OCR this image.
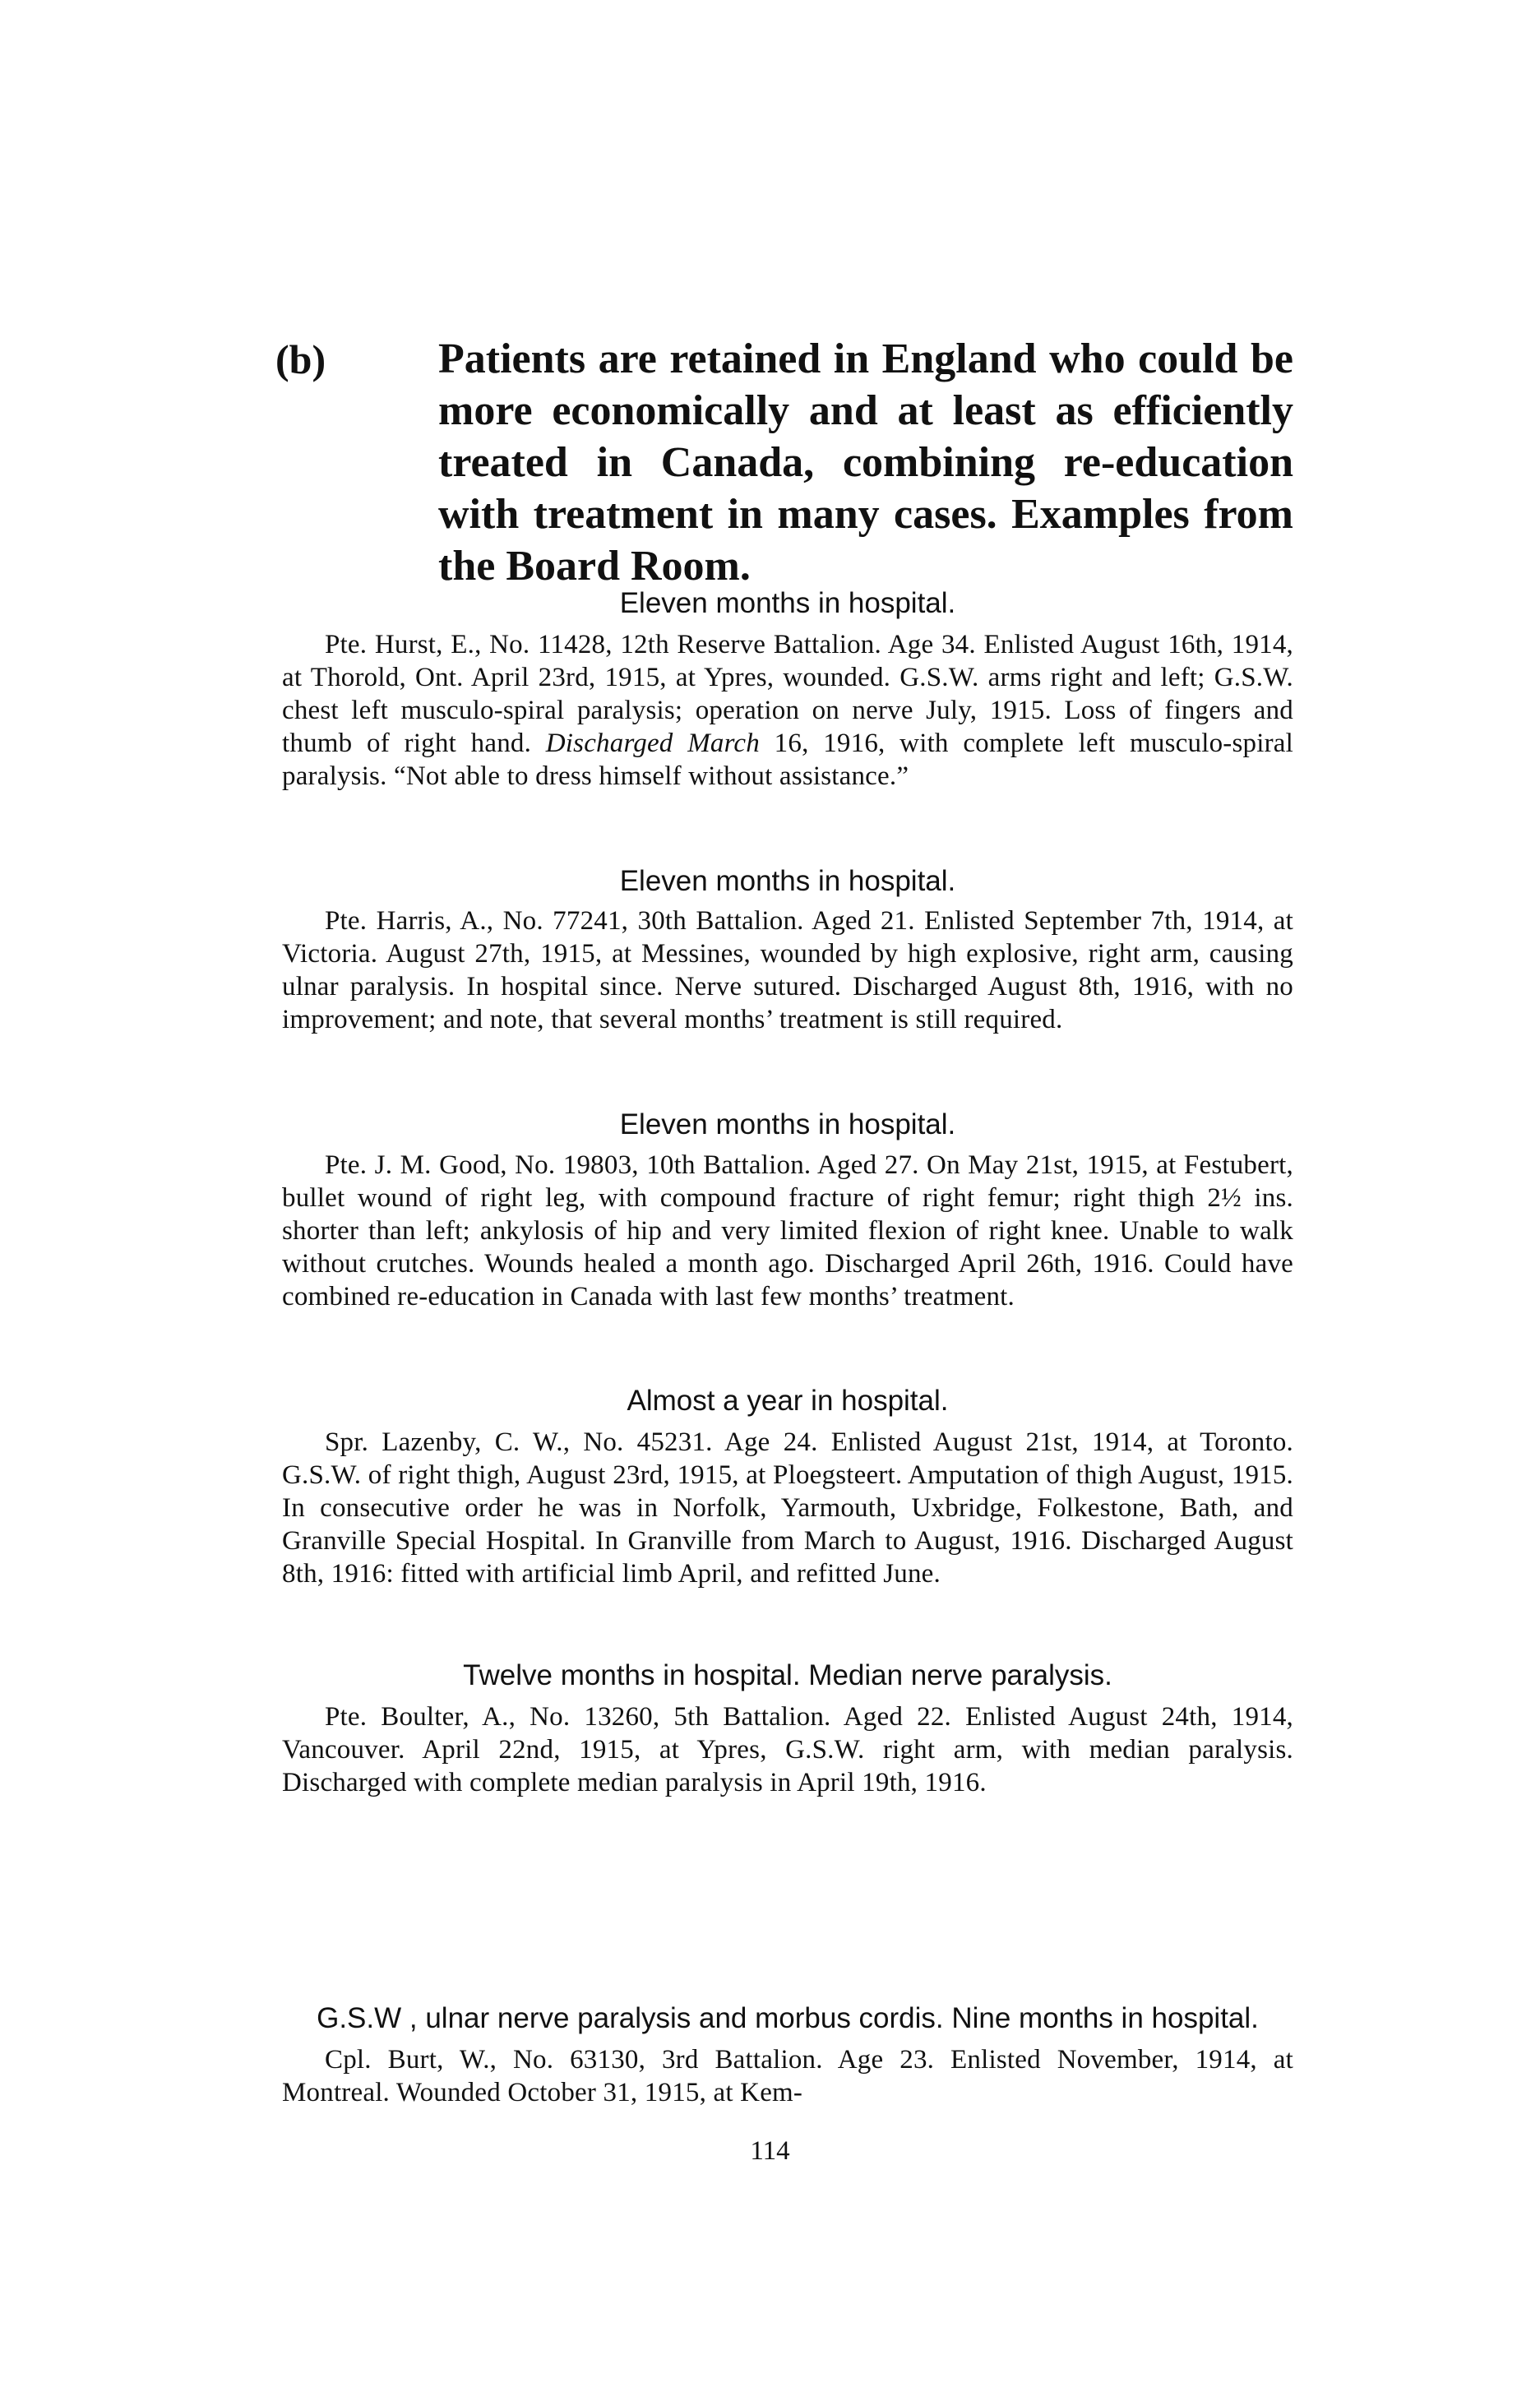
(b)	Patients are retained in England who could be more economically and at least as efficiently treated in Canada, combining re-education with treatment in many cases. Examples from the Board Room.
Eleven months in hospital.
Pte. Hurst, E., No. 11428, 12th Reserve Battalion. Age 34. Enlisted August 16th, 1914, at Thorold, Ont. April 23rd, 1915, at Ypres, wounded. G.S.W. arms right and left; G.S.W. chest left musculo-spiral paralysis; operation on nerve July, 1915. Loss of fingers and thumb of right hand. Discharged March 16, 1916, with complete left musculo-spiral paralysis. “Not able to dress himself without assistance.”
Eleven months in hospital.
Pte. Harris, A., No. 77241, 30th Battalion. Aged 21. Enlisted September 7th, 1914, at Victoria. August 27th, 1915, at Messines, wounded by high explosive, right arm, causing ulnar paralysis. In hospital since. Nerve sutured. Discharged August 8th, 1916, with no improvement; and note, that several months’ treatment is still required.
Eleven months in hospital.
Pte. J. M. Good, No. 19803, 10th Battalion. Aged 27. On May 21st, 1915, at Festubert, bullet wound of right leg, with compound fracture of right femur; right thigh 2½ ins. shorter than left; ankylosis of hip and very limited flexion of right knee. Unable to walk without crutches. Wounds healed a month ago. Discharged April 26th, 1916. Could have combined re-education in Canada with last few months’ treatment.
Almost a year in hospital.
Spr. Lazenby, C. W., No. 45231. Age 24. Enlisted August 21st, 1914, at Toronto. G.S.W. of right thigh, August 23rd, 1915, at Ploegsteert. Amputation of thigh August, 1915. In consecutive order he was in Norfolk, Yarmouth, Uxbridge, Folkestone, Bath, and Granville Special Hospital. In Granville from March to August, 1916. Discharged August 8th, 1916: fitted with artificial limb April, and refitted June.
Twelve months in hospital. Median nerve paralysis.
Pte. Boulter, A., No. 13260, 5th Battalion. Aged 22. Enlisted August 24th, 1914, Vancouver. April 22nd, 1915, at Ypres, G.S.W. right arm, with median paralysis. Discharged with complete median paralysis in April 19th, 1916.
G.S.W , ulnar nerve paralysis and morbus cordis. Nine months in hospital.
Cpl. Burt, W., No. 63130, 3rd Battalion. Age 23. Enlisted November, 1914, at Montreal. Wounded October 31, 1915, at Kem-
114
